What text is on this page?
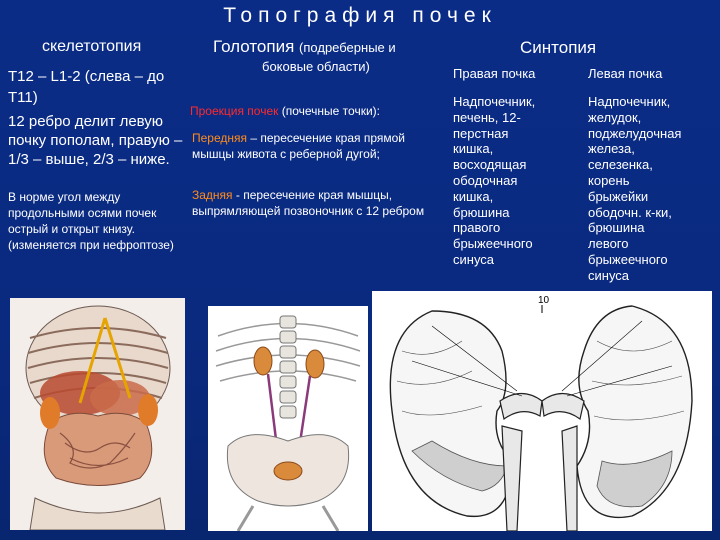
Топография почек
скелетотопия	Голотопия (подреберные и
боковые области)
Синтопия
Т12 – L1-2 (слева – до Т11)
12 ребро делит левую почку пополам, правую – 1/3 – выше, 2/3 – ниже.
В норме угол между продольными осями почек острый и открыт книзу. (изменяется при нефроптозе)
Проекция почек (почечные точки):
Передняя – пересечение края прямой мышцы живота с реберной дугой;
Задняя - пересечение края мышцы, выпрямляющей позвоночник с 12 ребром
Правая почка	Левая почка
Надпочечник,
печень, 12-
перстная
кишка,
восходящая
ободочная
кишка,
брюшина
правого
брыжеечного
синуса
Надпочечник,
желудок,
поджелудочная
железа,
селезенка,
корень
брыжейки
ободочн. к-ки,
брюшина
левого
брыжеечного
синуса
10
